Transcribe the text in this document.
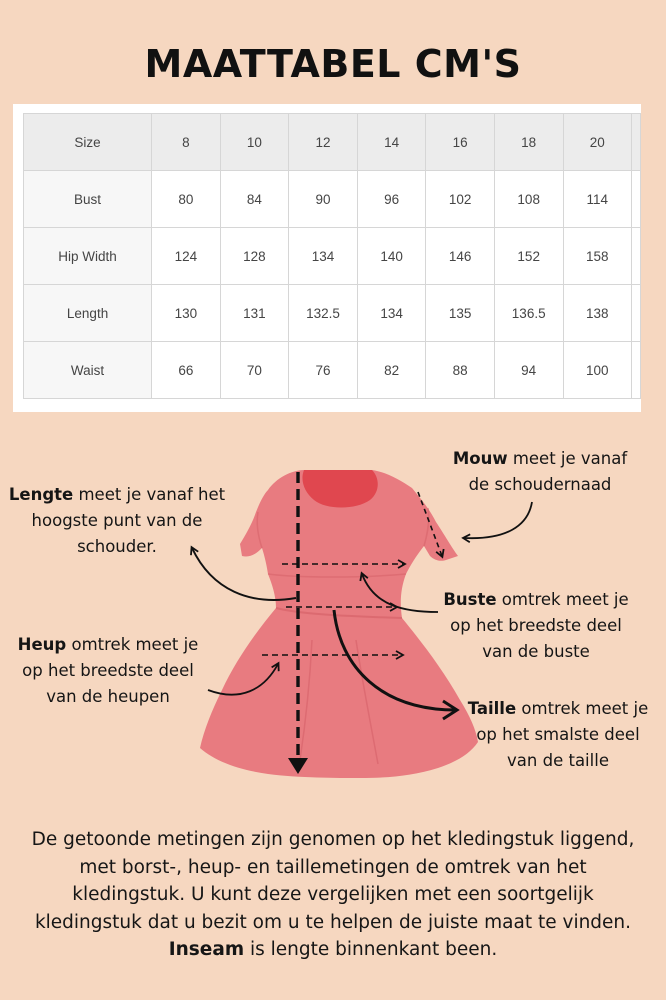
MAATTABEL CM'S
Size	8	10	12	14	16	18	20	
Bust	80	84	90	96	102	108	114	
Hip Width	124	128	134	140	146	152	158	
Length	130	131	132.5	134	135	136.5	138	
Waist	66	70	76	82	88	94	100	
Lengte meet je vanaf het
hoogste punt van de
schouder.
Mouw meet je vanaf
de schoudernaad
Buste omtrek meet je
op het breedste deel
van de buste
Heup omtrek meet je
op het breedste deel
van de heupen
Taille omtrek meet je
op het smalste deel
van de taille
De getoonde metingen zijn genomen op het kledingstuk liggend, met borst-, heup- en taillemetingen de omtrek van het kledingstuk. U kunt deze vergelijken met een soortgelijk kledingstuk dat u bezit om u te helpen de juiste maat te vinden. Inseam is lengte binnenkant been.
